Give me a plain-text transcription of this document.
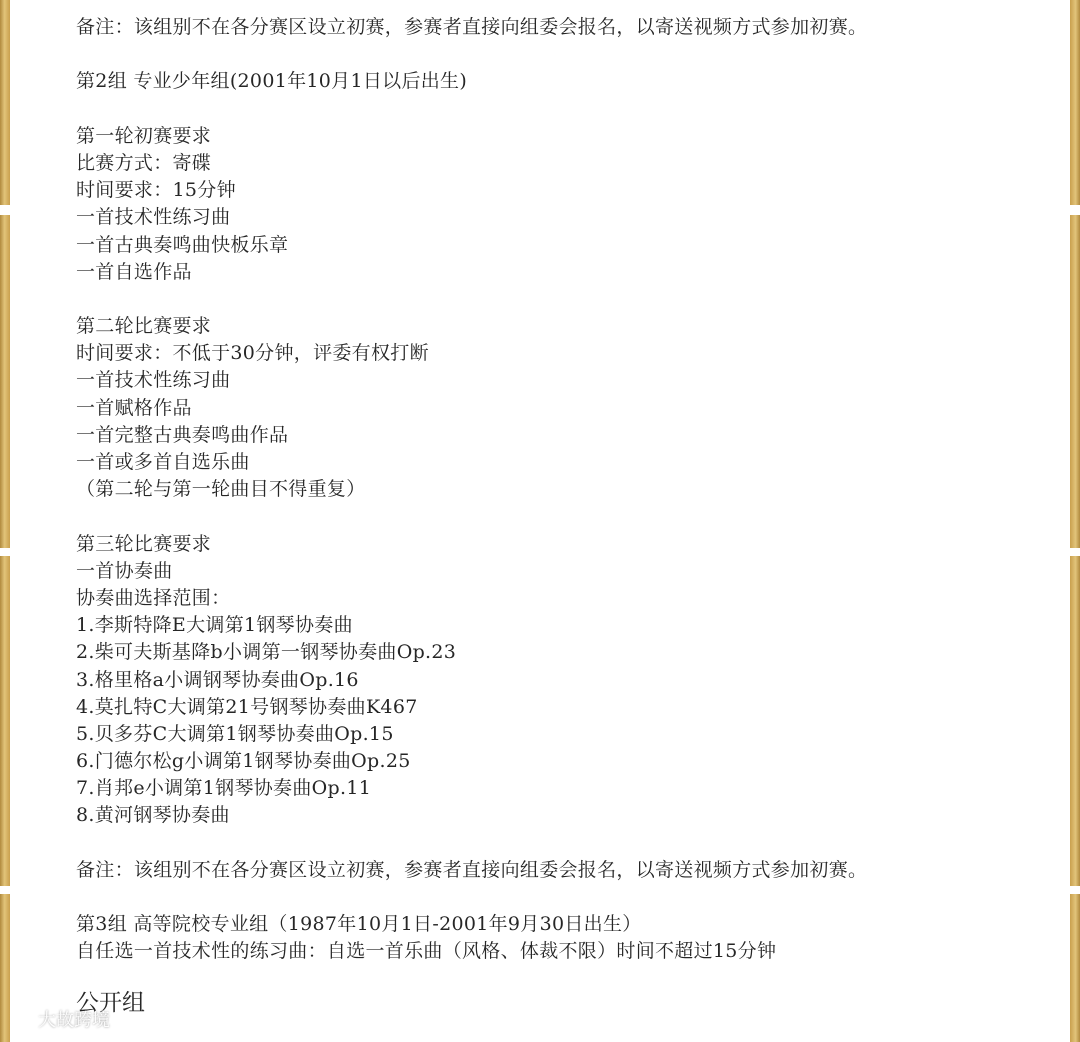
备注：该组别不在各分赛区设立初赛，参赛者直接向组委会报名，以寄送视频方式参加初赛。
第2组 专业少年组(2001年10月1日以后出生)
第一轮初赛要求
比赛方式：寄碟
时间要求：15分钟
一首技术性练习曲
一首古典奏鸣曲快板乐章
一首自选作品
第二轮比赛要求
时间要求：不低于30分钟，评委有权打断
一首技术性练习曲
一首赋格作品
一首完整古典奏鸣曲作品
一首或多首自选乐曲
（第二轮与第一轮曲目不得重复）
第三轮比赛要求
一首协奏曲
协奏曲选择范围：
1.李斯特降E大调第1钢琴协奏曲
2.柴可夫斯基降b小调第一钢琴协奏曲Op.23
3.格里格a小调钢琴协奏曲Op.16
4.莫扎特C大调第21号钢琴协奏曲K467
5.贝多芬C大调第1钢琴协奏曲Op.15
6.门德尔松g小调第1钢琴协奏曲Op.25
7.肖邦e小调第1钢琴协奏曲Op.11
8.黄河钢琴协奏曲
备注：该组别不在各分赛区设立初赛，参赛者直接向组委会报名，以寄送视频方式参加初赛。
第3组 高等院校专业组（1987年10月1日-2001年9月30日出生）
自任选一首技术性的练习曲：自选一首乐曲（风格、体裁不限）时间不超过15分钟
公开组
大故跨境
